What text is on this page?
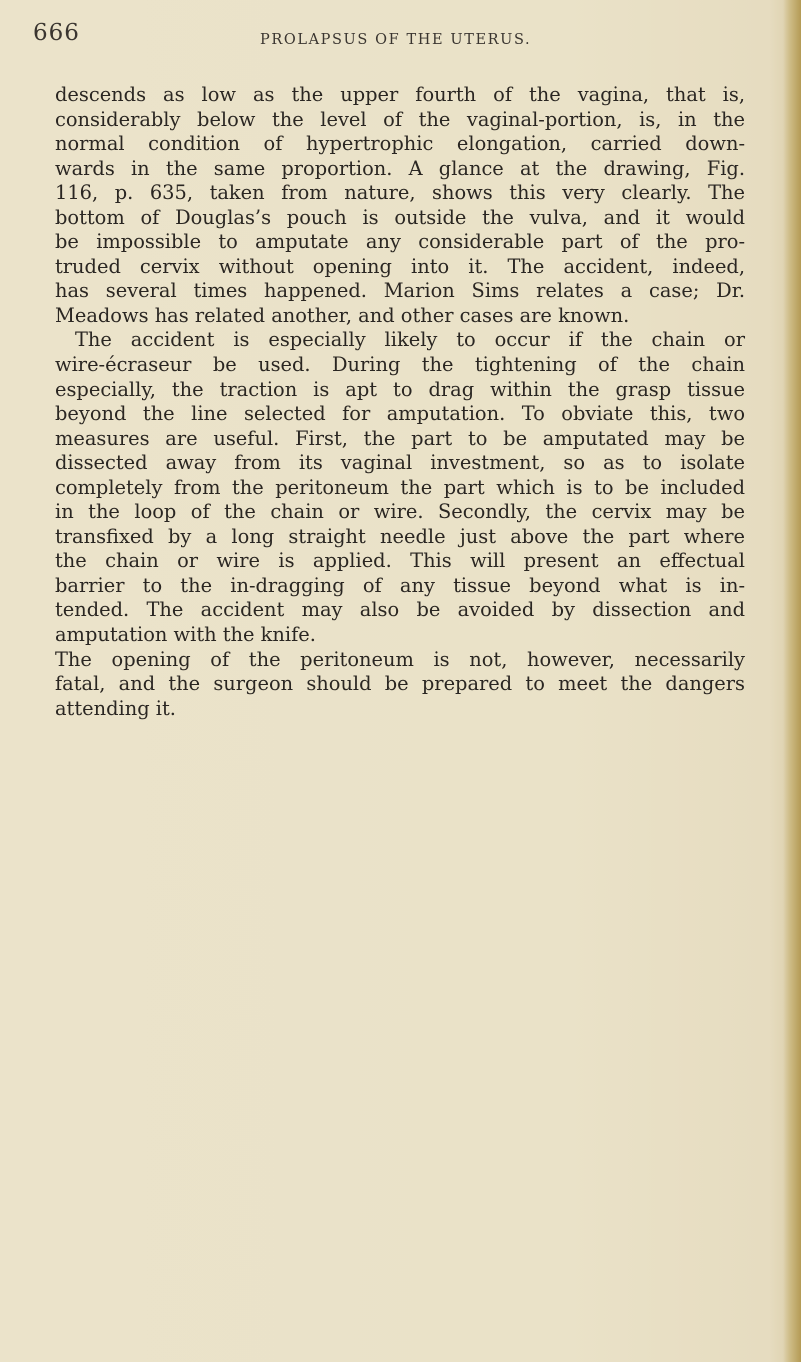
666	PROLAPSUS OF THE UTERUS.
descends as low as the upper fourth of the vagina, that is,
considerably below the level of the vaginal-portion, is, in the
normal condition of hypertrophic elongation, carried down-
wards in the same proportion. A glance at the drawing, Fig.
116, p. 635, taken from nature, shows this very clearly. The
bottom of Douglas’s pouch is outside the vulva, and it would
be impossible to amputate any considerable part of the pro-
truded cervix without opening into it. The accident, indeed,
has several times happened. Marion Sims relates a case; Dr.
Meadows has related another, and other cases are known.
The accident is especially likely to occur if the chain or
wire-écraseur be used. During the tightening of the chain
especially, the traction is apt to drag within the grasp tissue
beyond the line selected for amputation. To obviate this, two
measures are useful. First, the part to be amputated may be
dissected away from its vaginal investment, so as to isolate
completely from the peritoneum the part which is to be included
in the loop of the chain or wire. Secondly, the cervix may be
transfixed by a long straight needle just above the part where
the chain or wire is applied. This will present an effectual
barrier to the in-dragging of any tissue beyond what is in-
tended. The accident may also be avoided by dissection and
amputation with the knife.
The opening of the peritoneum is not, however, necessarily
fatal, and the surgeon should be prepared to meet the dangers
attending it.
